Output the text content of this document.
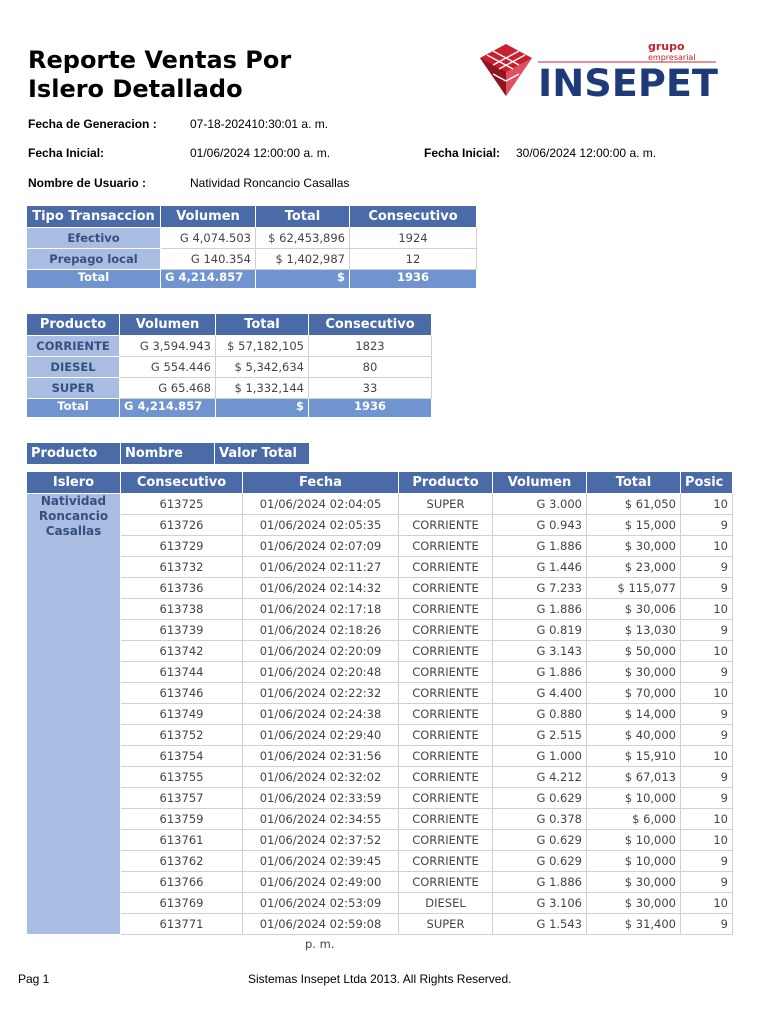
Reporte Ventas Por
Islero Detallado
grupo
empresarial
INSEPET
Fecha de Generacion :	07-18-202410:30:01 a. m.
Fecha Inicial:	01/06/2024 12:00:00 a. m.	Fecha Inicial: 30/06/2024 12:00:00 a. m.
Nombre de Usuario :	Natividad Roncancio Casallas
Tipo Transaccion	Volumen	Total	Consecutivo
Efectivo	G 4,074.503	$ 62,453,896	1924
Prepago local	G 140.354	$ 1,402,987	12
Total	G 4,214.857	$	1936
Producto	Volumen	Total	Consecutivo
CORRIENTE	G 3,594.943	$ 57,182,105	1823
DIESEL	G 554.446	$ 5,342,634	80
SUPER	G 65.468	$ 1,332,144	33
Total	G 4,214.857	$	1936
Producto	Nombre	Valor Total
Islero	Consecutivo	Fecha	Producto	Volumen	Total	Posic
Natividad Roncancio Casallas	613725	01/06/2024 02:04:05	SUPER	G 3.000	$ 61,050	10
	613726	01/06/2024 02:05:35	CORRIENTE	G 0.943	$ 15,000	9
	613729	01/06/2024 02:07:09	CORRIENTE	G 1.886	$ 30,000	10
	613732	01/06/2024 02:11:27	CORRIENTE	G 1.446	$ 23,000	9
	613736	01/06/2024 02:14:32	CORRIENTE	G 7.233	$ 115,077	9
	613738	01/06/2024 02:17:18	CORRIENTE	G 1.886	$ 30,006	10
	613739	01/06/2024 02:18:26	CORRIENTE	G 0.819	$ 13,030	9
	613742	01/06/2024 02:20:09	CORRIENTE	G 3.143	$ 50,000	10
	613744	01/06/2024 02:20:48	CORRIENTE	G 1.886	$ 30,000	9
	613746	01/06/2024 02:22:32	CORRIENTE	G 4.400	$ 70,000	10
	613749	01/06/2024 02:24:38	CORRIENTE	G 0.880	$ 14,000	9
	613752	01/06/2024 02:29:40	CORRIENTE	G 2.515	$ 40,000	9
	613754	01/06/2024 02:31:56	CORRIENTE	G 1.000	$ 15,910	10
	613755	01/06/2024 02:32:02	CORRIENTE	G 4.212	$ 67,013	9
	613757	01/06/2024 02:33:59	CORRIENTE	G 0.629	$ 10,000	9
	613759	01/06/2024 02:34:55	CORRIENTE	G 0.378	$ 6,000	10
	613761	01/06/2024 02:37:52	CORRIENTE	G 0.629	$ 10,000	10
	613762	01/06/2024 02:39:45	CORRIENTE	G 0.629	$ 10,000	9
	613766	01/06/2024 02:49:00	CORRIENTE	G 1.886	$ 30,000	9
	613769	01/06/2024 02:53:09	DIESEL	G 3.106	$ 30,000	10
	613771	01/06/2024 02:59:08	SUPER	G 1.543	$ 31,400	9
p. m.
Pag 1	Sistemas Insepet Ltda 2013. All Rights Reserved.
